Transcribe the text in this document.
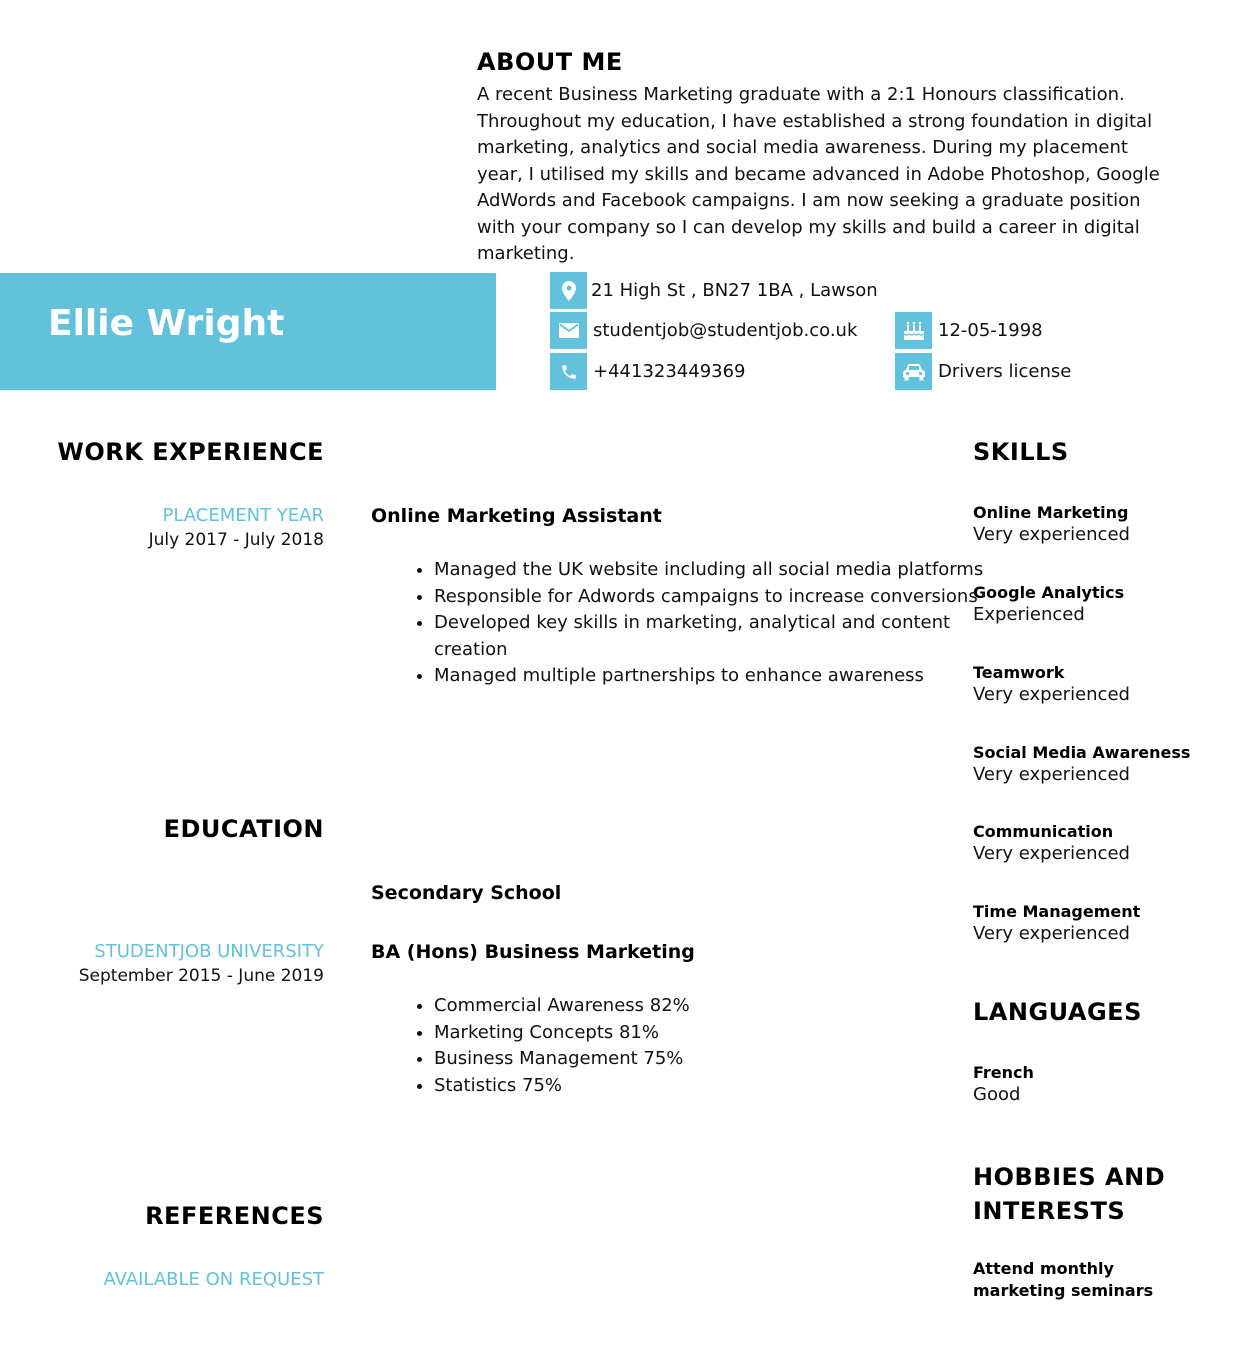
ABOUT ME
A recent Business Marketing graduate with a 2:1 Honours classification. Throughout my education, I have established a strong foundation in digital marketing, analytics and social media awareness. During my placement year, I utilised my skills and became advanced in Adobe Photoshop, Google AdWords and Facebook campaigns. I am now seeking a graduate position with your company so I can develop my skills and build a career in digital marketing.
Ellie Wright
21 High St , BN27 1BA , Lawson
studentjob@studentjob.co.uk
+441323449369
12-05-1998
Drivers license
WORK EXPERIENCE
PLACEMENT YEAR
July 2017 - July 2018
Online Marketing Assistant
• Managed the UK website including all social media platforms
• Responsible for Adwords campaigns to increase conversions
• Developed key skills in marketing, analytical and content creation
• Managed multiple partnerships to enhance awareness
EDUCATION
Secondary School
STUDENTJOB UNIVERSITY
September 2015 - June 2019
BA (Hons) Business Marketing
• Commercial Awareness 82%
• Marketing Concepts 81%
• Business Management 75%
• Statistics 75%
REFERENCES
AVAILABLE ON REQUEST
SKILLS
Online Marketing
Very experienced
Google Analytics
Experienced
Teamwork
Very experienced
Social Media Awareness
Very experienced
Communication
Very experienced
Time Management
Very experienced
LANGUAGES
French
Good
HOBBIES AND
INTERESTS
Attend monthly
marketing seminars
